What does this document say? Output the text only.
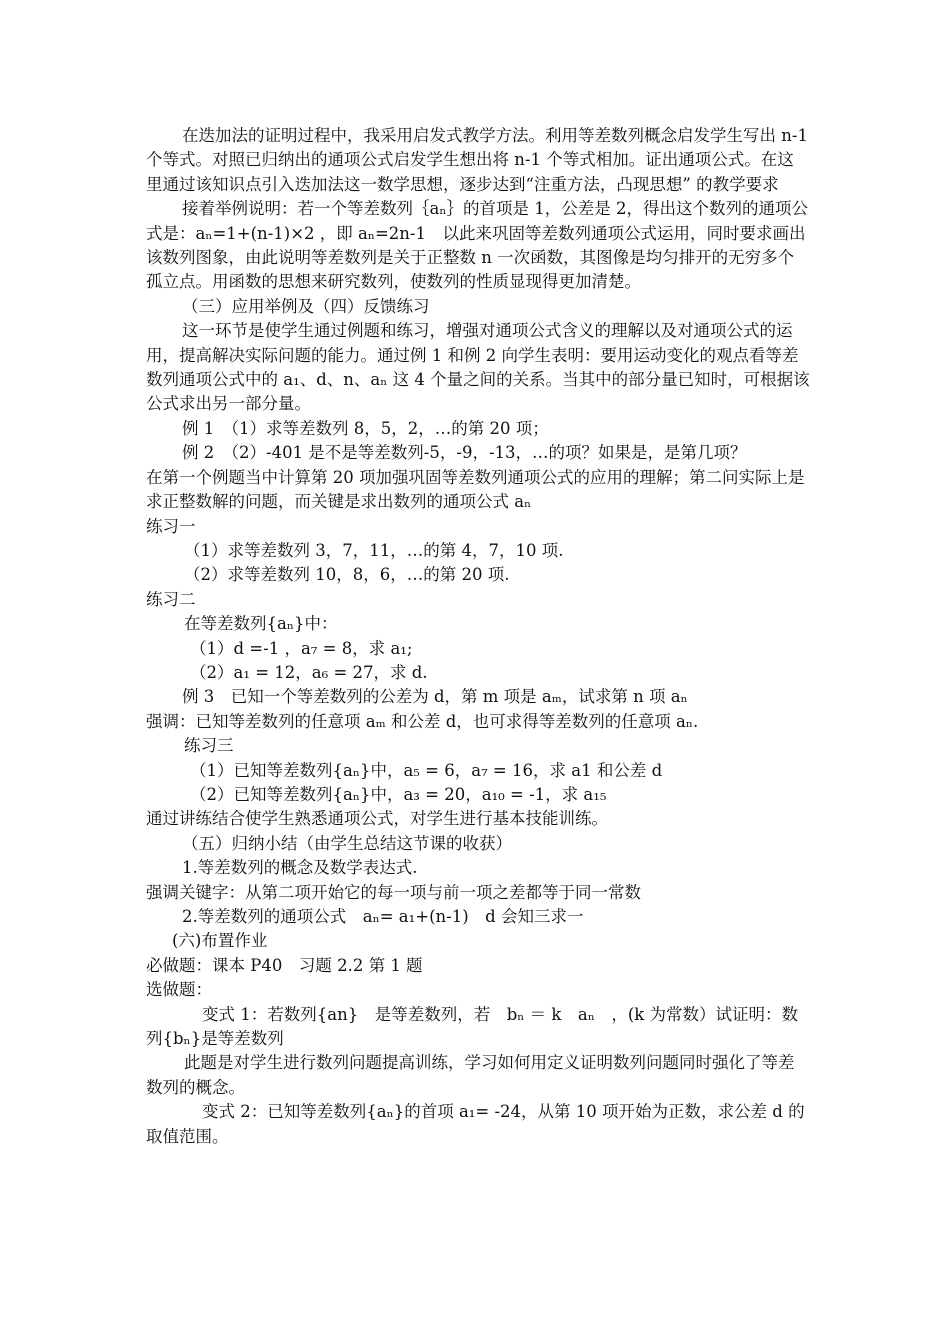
在迭加法的证明过程中，我采用启发式教学方法。利用等差数列概念启发学生写出 n-1 个等式。对照已归纳出的通项公式启发学生想出将 n-1 个等式相加。证出通项公式。在这里通过该知识点引入迭加法这一数学思想，逐步达到“注重方法，凸现思想” 的教学要求

接着举例说明：若一个等差数列｛aₙ｝的首项是 1，公差是 2，得出这个数列的通项公式是：aₙ=1+(n-1)×2 ，即 aₙ=2n-1　以此来巩固等差数列通项公式运用，同时要求画出该数列图象，由此说明等差数列是关于正整数 n 一次函数，其图像是均匀排开的无穷多个孤立点。用函数的思想来研究数列，使数列的性质显现得更加清楚。

（三）应用举例及（四）反馈练习

这一环节是使学生通过例题和练习，增强对通项公式含义的理解以及对通项公式的运用，提高解决实际问题的能力。通过例 1 和例 2 向学生表明：要用运动变化的观点看等差数列通项公式中的 a₁、d、n、aₙ 这 4 个量之间的关系。当其中的部分量已知时，可根据该公式求出另一部分量。

例 1　（1）求等差数列 8，5，2，…的第 20 项；

例 2　（2）-401 是不是等差数列-5，-9，-13，…的项？如果是，是第几项？

在第一个例题当中计算第 20 项加强巩固等差数列通项公式的应用的理解；第二问实际上是求正整数解的问题，而关键是求出数列的通项公式 aₙ

练习一

（1）求等差数列 3，7，11，…的第 4，7，10 项.

（2）求等差数列 10，8，6，…的第 20 项.

练习二

在等差数列{aₙ}中：

（1）d =-1 ，a₇ = 8，求 a₁;

（2）a₁ = 12，a₆ = 27，求 d.

例 3　已知一个等差数列的公差为 d，第 m 项是 aₘ，试求第 n 项 aₙ

强调：已知等差数列的任意项 aₘ 和公差 d，也可求得等差数列的任意项 aₙ.

练习三

（1）已知等差数列{aₙ}中，a₅ = 6，a₇ = 16，求 a1 和公差 d

（2）已知等差数列{aₙ}中，a₃ = 20，a₁₀ = -1，求 a₁₅

通过讲练结合使学生熟悉通项公式，对学生进行基本技能训练。

（五）归纳小结（由学生总结这节课的收获）

1.等差数列的概念及数学表达式.

强调关键字：从第二项开始它的每一项与前一项之差都等于同一常数

2.等差数列的通项公式　aₙ= a₁+(n-1)　d 会知三求一

(六)布置作业

必做题：课本 P40　习题 2.2 第 1 题

选做题：

变式 1：若数列{an}　是等差数列，若　bₙ ＝ k　aₙ　，(k 为常数）试证明：数列{bₙ}是等差数列

此题是对学生进行数列问题提高训练，学习如何用定义证明数列问题同时强化了等差数列的概念。

变式 2：已知等差数列{aₙ}的首项 a₁= -24，从第 10 项开始为正数，求公差 d 的取值范围。
